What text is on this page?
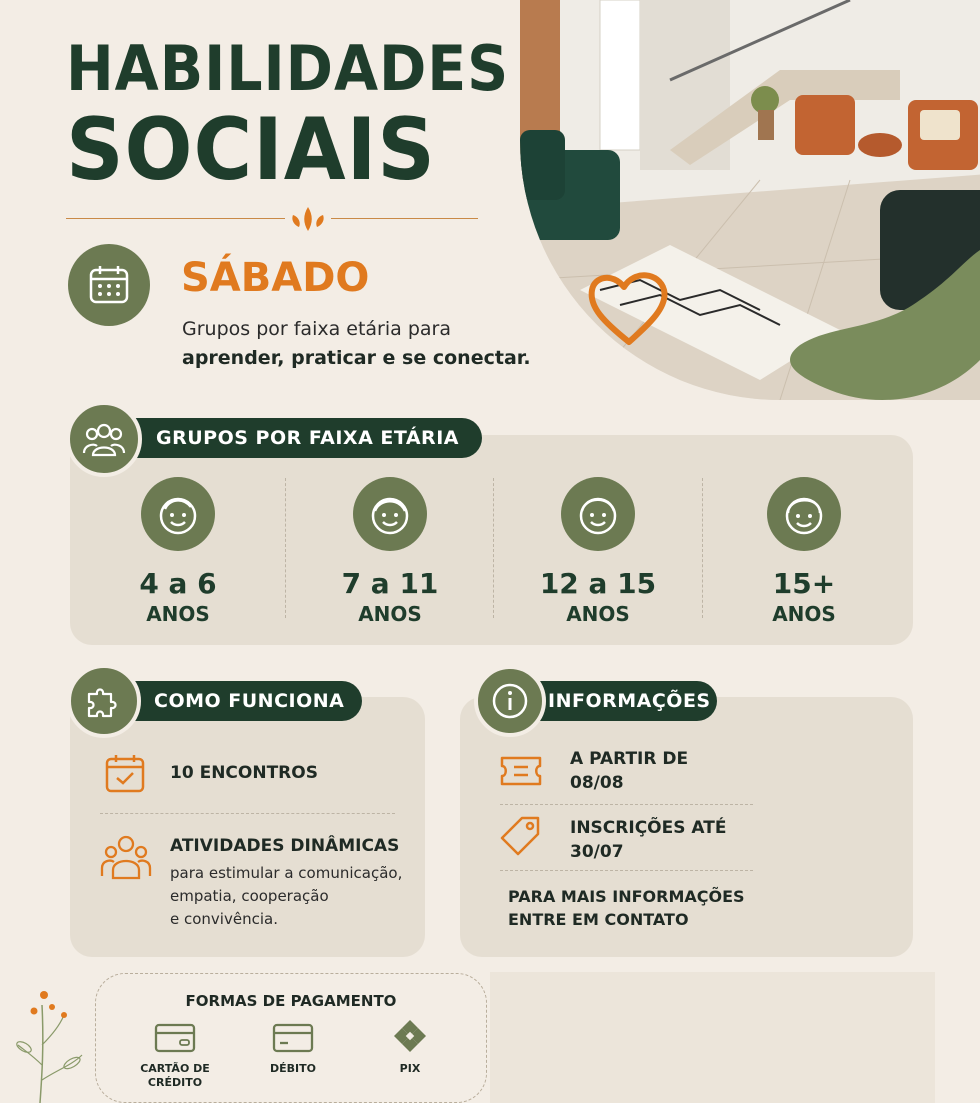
HABILIDADES
SOCIAIS
SÁBADO
Grupos por faixa etária para
aprender, praticar e se conectar.
GRUPOS POR FAIXA ETÁRIA
4 a 6
ANOS
7 a 11
ANOS
12 a 15
ANOS
15+
ANOS
COMO FUNCIONA
10 ENCONTROS
ATIVIDADES DINÂMICAS
para estimular a comunicação,
empatia, cooperação
e convivência.
INFORMAÇÕES
A PARTIR DE
08/08
INSCRIÇÕES ATÉ
30/07
PARA MAIS INFORMAÇÕES
ENTRE EM CONTATO
FORMAS DE PAGAMENTO
CARTÃO DE
CRÉDITO
DÉBITO	PIX
